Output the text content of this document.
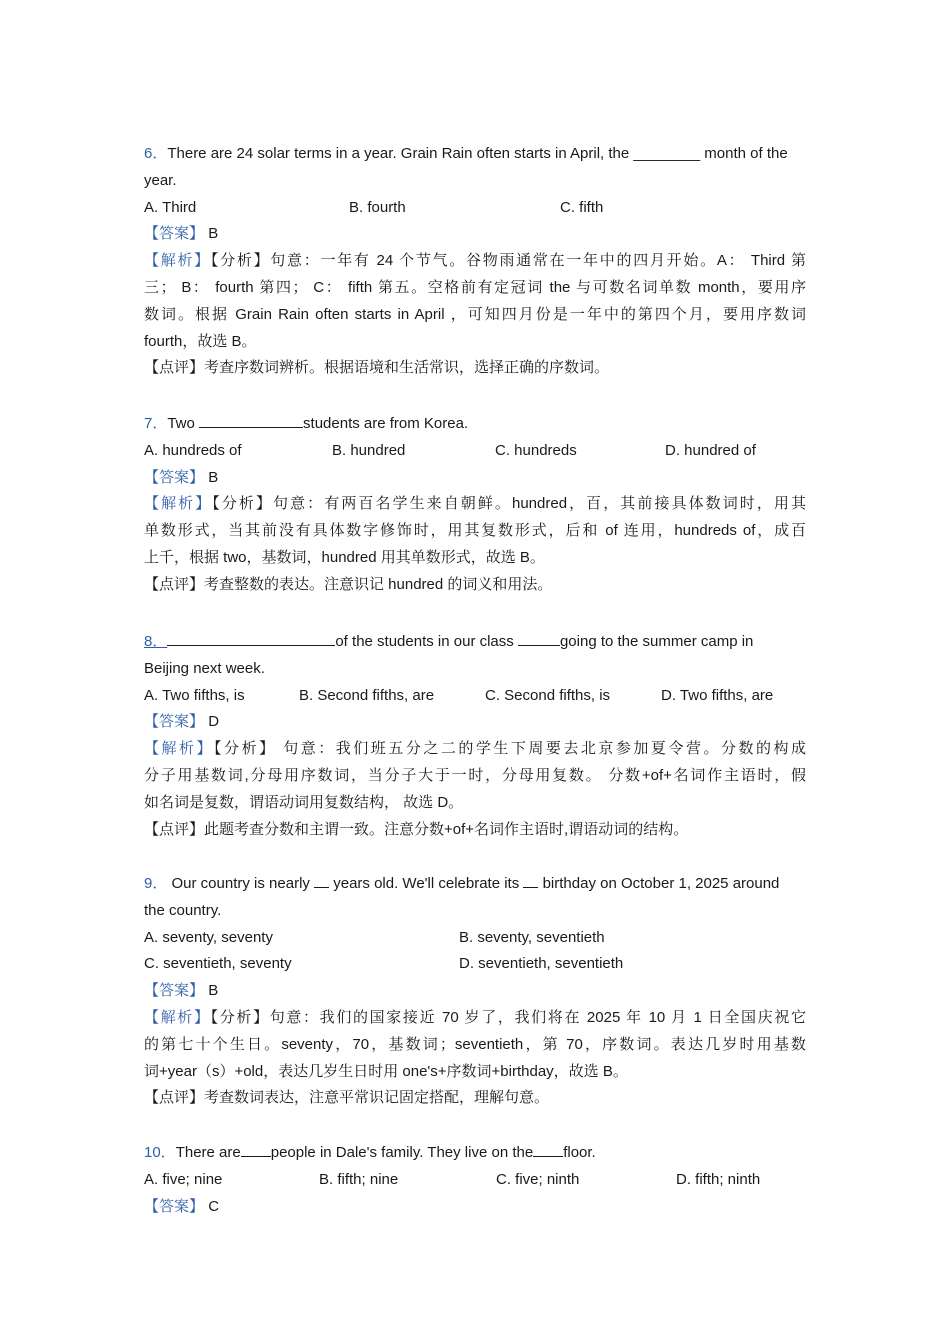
6．There are 24 solar terms in a year. Grain Rain often starts in April, the ________ month of the
year.
A. Third	B. fourth	C. fifth
【答案】 B
【解析】【分析】句意：一年有 24 个节气。谷物雨通常在一年中的四月开始。A： Third 第
三； B： fourth 第四； C： fifth 第五。空格前有定冠词 the 与可数名词单数 month，要用序
数词。根据 Grain Rain often starts in April ，可知四月份是一年中的第四个月，要用序数词
fourth，故选 B。
【点评】考查序数词辨析。根据语境和生活常识，选择正确的序数词。
7．Two	students are from Korea.
A. hundreds of	B. hundred	C. hundreds	D. hundred of
【答案】 B
【解析】【分析】句意：有两百名学生来自朝鲜。hundred，百，其前接具体数词时，用其
单数形式，当其前没有具体数字修饰时，用其复数形式，后和 of 连用，hundreds of，成百
上千，根据 two，基数词，hundred 用其单数形式，故选 B。
【点评】考查整数的表达。注意识记 hundred 的词义和用法。
8．	of the students in our class	going to the summer camp in
Beijing next week.
A. Two fifths, is	B. Second fifths, are	C. Second fifths, is	D. Two fifths, are
【答案】 D
【解析】【分析】 句意：我们班五分之二的学生下周要去北京参加夏令营。分数的构成
分子用基数词,分母用序数词，当分子大于一时，分母用复数。 分数+of+名词作主语时，假
如名词是复数，谓语动词用复数结构， 故选 D。
【点评】此题考查分数和主谓一致。注意分数+of+名词作主语时,谓语动词的结构。
9． Our country is nearly  years old. We'll celebrate its  birthday on October 1, 2025 around
the country.
A. seventy, seventy	B. seventy, seventieth
C. seventieth, seventy	D. seventieth, seventieth
【答案】 B
【解析】【分析】句意：我们的国家接近 70 岁了，我们将在 2025 年 10 月 1 日全国庆祝它
的第七十个生日。seventy，70，基数词；seventieth，第 70，序数词。表达几岁时用基数
词+year（s）+old，表达几岁生日时用 one's+序数词+birthday，故选 B。
【点评】考查数词表达，注意平常识记固定搭配，理解句意。
10．There are people in Dale's family. They live on the floor.
A. five; nine	B. fifth; nine	C. five; ninth	D. fifth; ninth
【答案】 C
